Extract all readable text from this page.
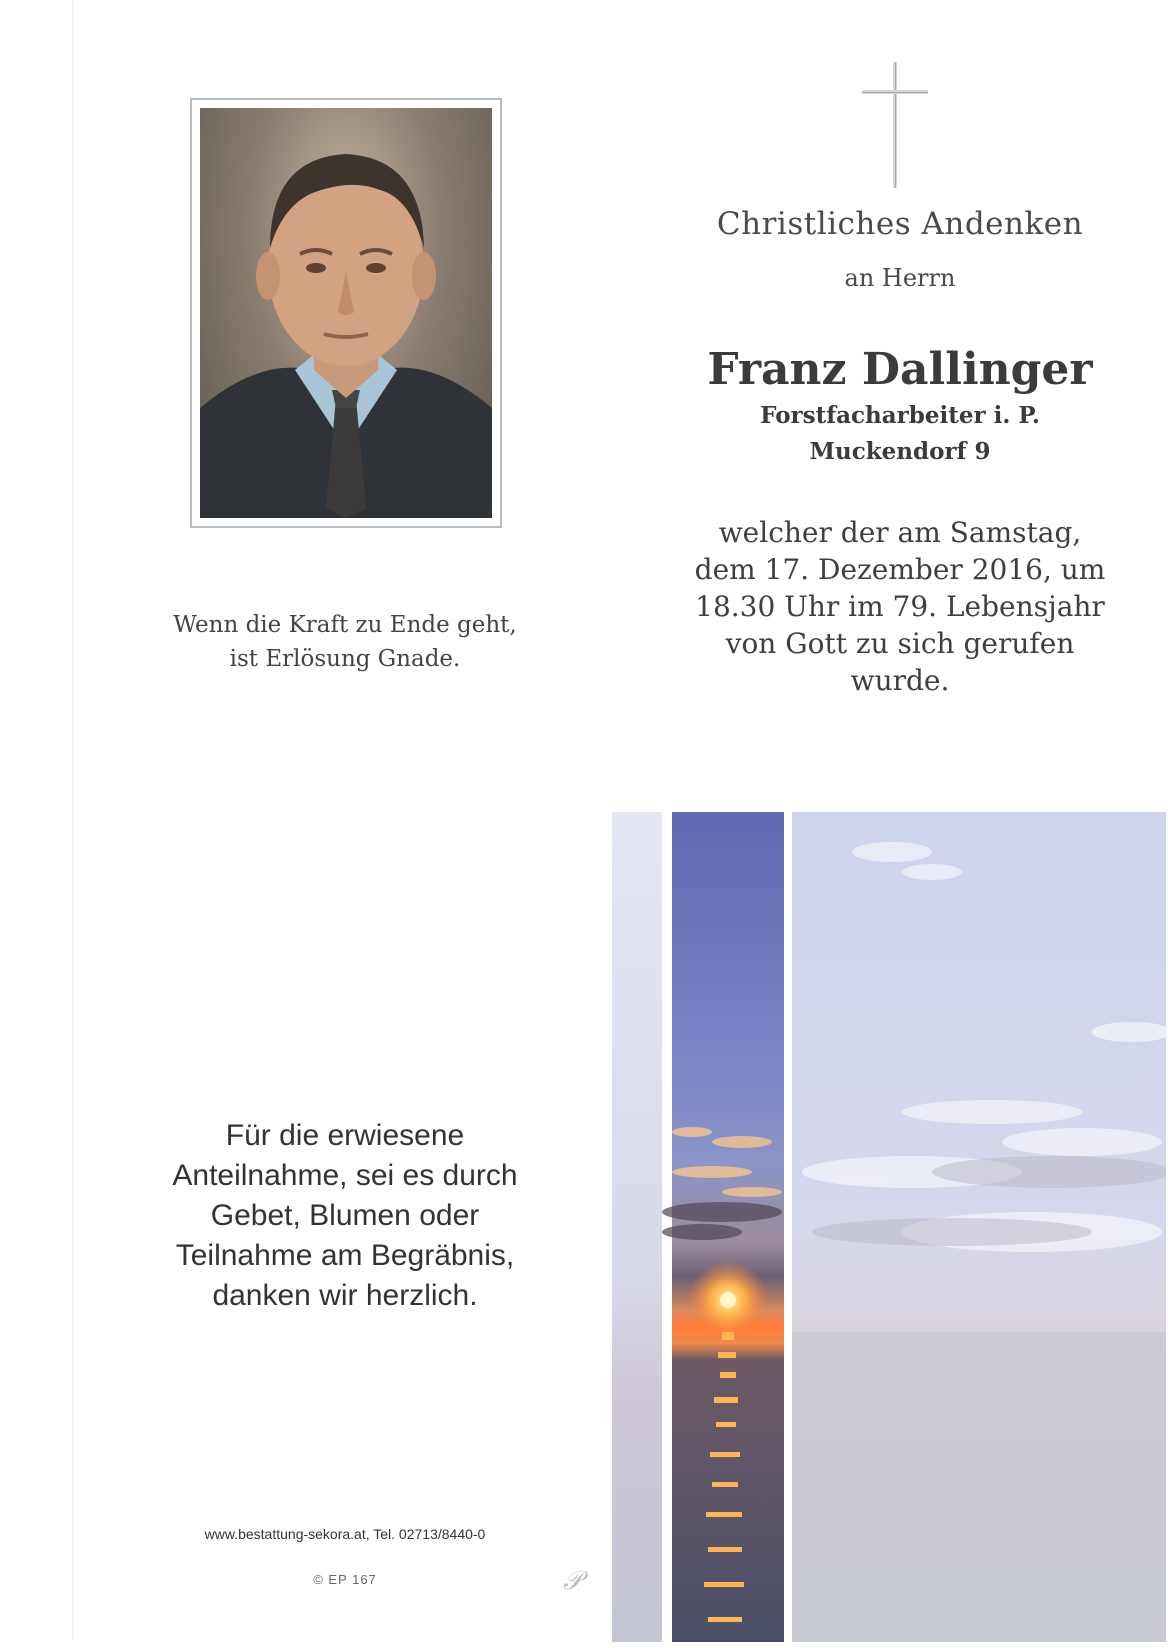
Wenn die Kraft zu Ende geht,
ist Erlösung Gnade.
Christliches Andenken
an Herrn
Franz Dallinger
Forstfacharbeiter i. P.
Muckendorf 9
welcher der am Samstag,
dem 17. Dezember 2016, um
18.30 Uhr im 79. Lebensjahr
von Gott zu sich gerufen
wurde.
Für die erwiesene
Anteilnahme, sei es durch
Gebet, Blumen oder
Teilnahme am Begräbnis,
danken wir herzlich.
www.bestattung-sekora.at, Tel. 02713/8440-0
© EP 167	𝒫
